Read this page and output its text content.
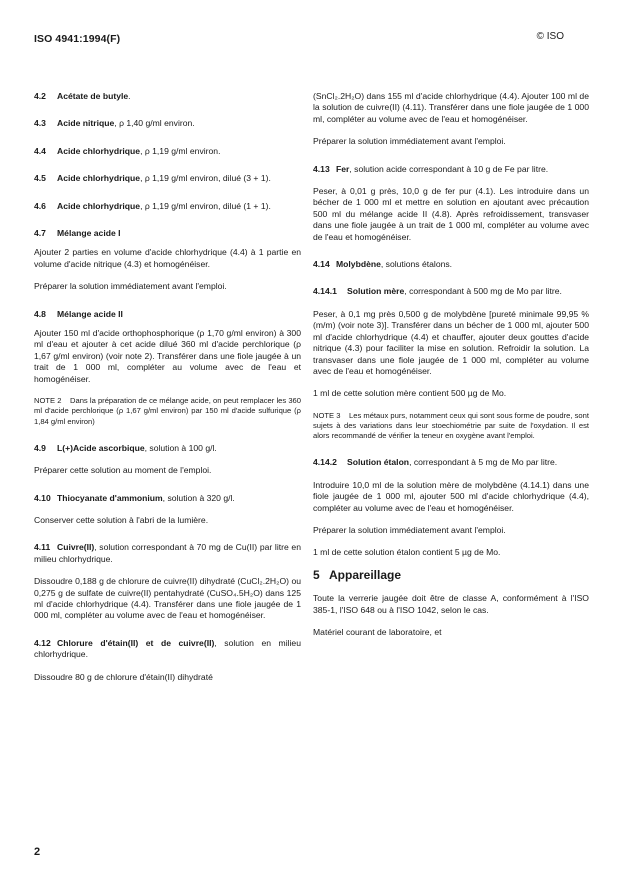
ISO 4941:1994(F)	© ISO
4.2 Acétate de butyle.
4.3 Acide nitrique, ρ 1,40 g/ml environ.
4.4 Acide chlorhydrique, ρ 1,19 g/ml environ.
4.5 Acide chlorhydrique, ρ 1,19 g/ml environ, dilué (3 + 1).
4.6 Acide chlorhydrique, ρ 1,19 g/ml environ, dilué (1 + 1).
4.7 Mélange acide I

Ajouter 2 parties en volume d'acide chlorhydrique (4.4) à 1 partie en volume d'acide nitrique (4.3) et homogénéiser.

Préparer la solution immédiatement avant l'emploi.

4.8 Mélange acide II

Ajouter 150 ml d'acide orthophosphorique (ρ 1,70 g/ml environ) à 300 ml d'eau et ajouter à cet acide dilué 360 ml d'acide perchlorique (ρ 1,67 g/ml environ) (voir note 2). Transférer dans une fiole jaugée à un trait de 1 000 ml, compléter au volume avec de l'eau et homogénéiser.

NOTE 2 Dans la préparation de ce mélange acide, on peut remplacer les 360 ml d'acide perchlorique (ρ 1,67 g/ml environ) par 150 ml d'acide sulfurique (ρ 1,84 g/ml environ)

4.9 L(+)Acide ascorbique, solution à 100 g/l.

Préparer cette solution au moment de l'emploi.

4.10 Thiocyanate d'ammonium, solution à 320 g/l.

Conserver cette solution à l'abri de la lumière.

4.11 Cuivre(II), solution correspondant à 70 mg de Cu(II) par litre en milieu chlorhydrique.

Dissoudre 0,188 g de chlorure de cuivre(II) dihydraté (CuCl₂.2H₂O) ou 0,275 g de sulfate de cuivre(II) pentahydraté (CuSO₄.5H₂O) dans 125 ml d'acide chlorhydrique (4.4). Transférer dans une fiole jaugée de 1 000 ml, compléter au volume avec de l'eau et homogénéiser.

4.12 Chlorure d'étain(II) et de cuivre(II), solution en milieu chlorhydrique.

Dissoudre 80 g de chlorure d'étain(II) dihydraté

(SnCl₂.2H₂O) dans 155 ml d'acide chlorhydrique (4.4). Ajouter 100 ml de la solution de cuivre(II) (4.11). Transférer dans une fiole jaugée de 1 000 ml, compléter au volume avec de l'eau et homogénéiser.

Préparer la solution immédiatement avant l'emploi.

4.13 Fer, solution acide correspondant à 10 g de Fe par litre.

Peser, à 0,01 g près, 10,0 g de fer pur (4.1). Les introduire dans un bécher de 1 000 ml et mettre en solution en ajoutant avec précaution 500 ml du mélange acide II (4.8). Après refroidissement, transvaser dans une fiole jaugée à un trait de 1 000 ml, compléter au volume avec de l'eau et homogénéiser.

4.14 Molybdène, solutions étalons.
4.14.1 Solution mère, correspondant à 500 mg de Mo par litre.

Peser, à 0,1 mg près 0,500 g de molybdène [pureté minimale 99,95 % (m/m) (voir note 3)]. Transférer dans un bécher de 1 000 ml, ajouter 500 ml d'acide chlorhydrique (4.4) et chauffer, ajouter deux gouttes d'acide nitrique (4.3) pour faciliter la mise en solution. Refroidir la solution. La transvaser dans une fiole jaugée de 1 000 ml, compléter au volume avec de l'eau et homogénéiser.

1 ml de cette solution mère contient 500 µg de Mo.

NOTE 3 Les métaux purs, notamment ceux qui sont sous forme de poudre, sont sujets à des variations dans leur stoechiométrie par suite de l'oxydation. Il est alors recommandé de vérifier la teneur en oxygène avant l'emploi.

4.14.2 Solution étalon, correspondant à 5 mg de Mo par litre.

Introduire 10,0 ml de la solution mère de molybdène (4.14.1) dans une fiole jaugée de 1 000 ml, ajouter 500 ml d'acide chlorhydrique (4.4), compléter au volume avec de l'eau et homogénéiser.

Préparer la solution immédiatement avant l'emploi.

1 ml de cette solution étalon contient 5 µg de Mo.

5 Appareillage

Toute la verrerie jaugée doit être de classe A, conformément à l'ISO 385-1, l'ISO 648 ou à l'ISO 1042, selon le cas.

Matériel courant de laboratoire, et

2
